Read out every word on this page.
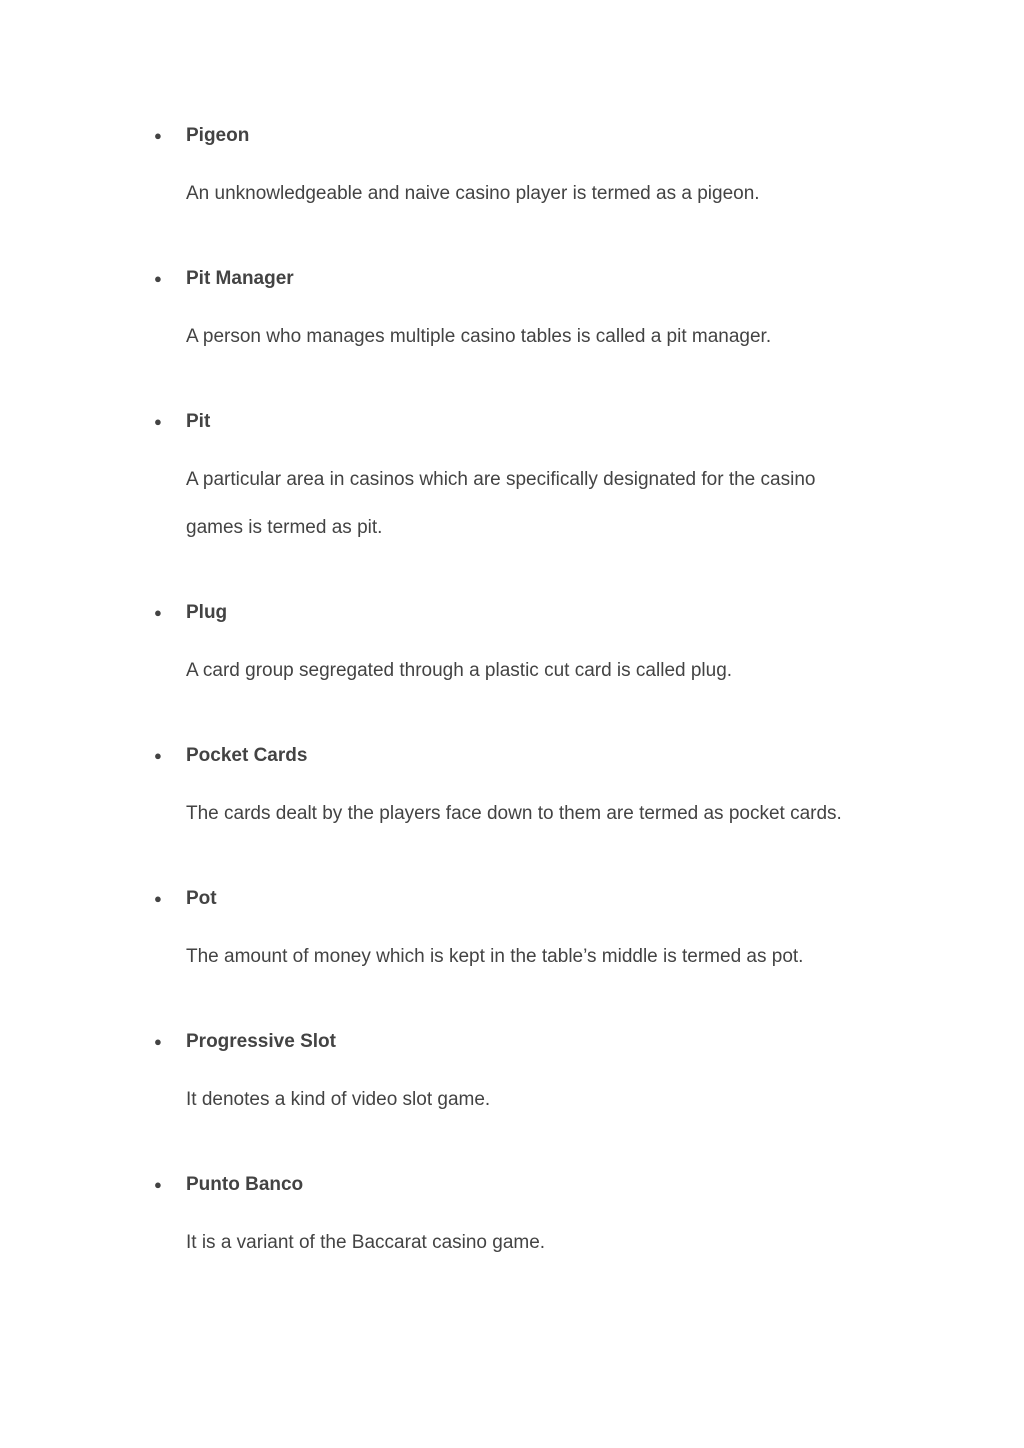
●	Pigeon

An unknowledgeable and naive casino player is termed as a pigeon.

●	Pit Manager

A person who manages multiple casino tables is called a pit manager.

●	Pit

A particular area in casinos which are specifically designated for the casino
games is termed as pit.

●	Plug

A card group segregated through a plastic cut card is called plug.

●	Pocket Cards

The cards dealt by the players face down to them are termed as pocket cards.

●	Pot

The amount of money which is kept in the table’s middle is termed as pot.

●	Progressive Slot

It denotes a kind of video slot game.

●	Punto Banco

It is a variant of the Baccarat casino game.
